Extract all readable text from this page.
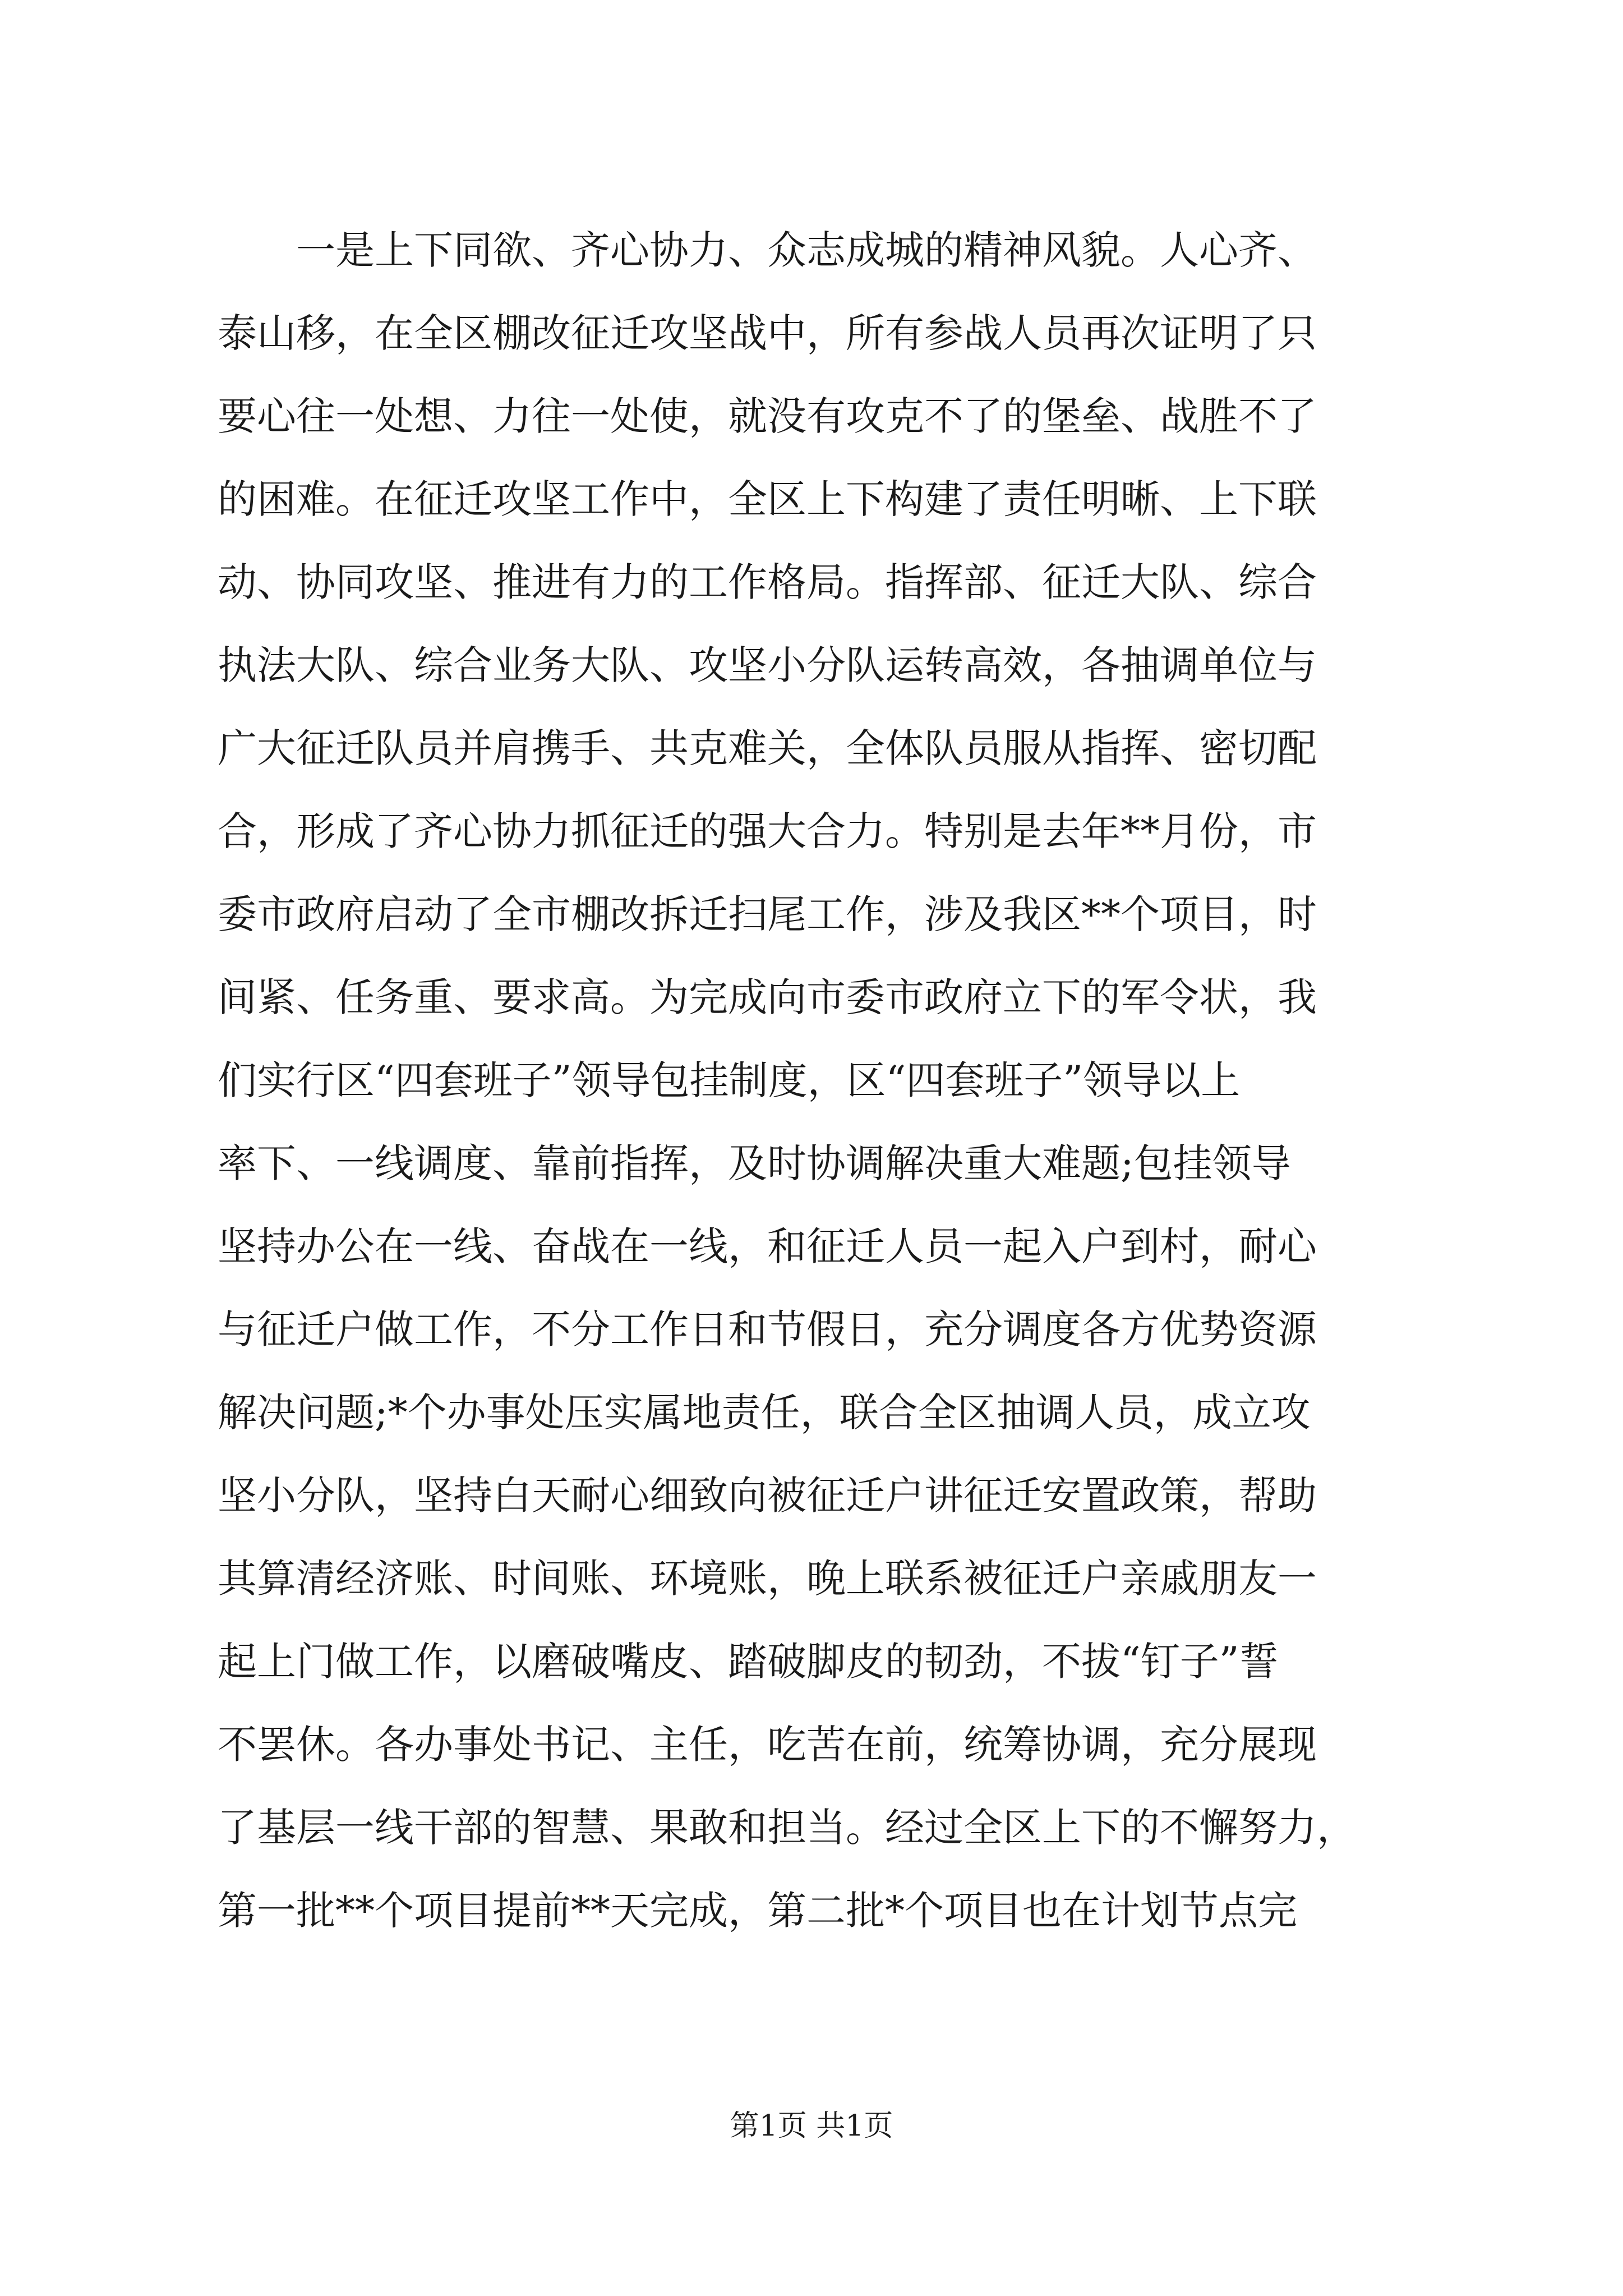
　　一是上下同欲、齐心协力、众志成城的精神风貌。人心齐、
泰山移，在全区棚改征迁攻坚战中，所有参战人员再次证明了只
要心往一处想、力往一处使，就没有攻克不了的堡垒、战胜不了
的困难。在征迁攻坚工作中，全区上下构建了责任明晰、上下联
动、协同攻坚、推进有力的工作格局。指挥部、征迁大队、综合
执法大队、综合业务大队、攻坚小分队运转高效，各抽调单位与
广大征迁队员并肩携手、共克难关，全体队员服从指挥、密切配
合，形成了齐心协力抓征迁的强大合力。特别是去年**月份，市
委市政府启动了全市棚改拆迁扫尾工作，涉及我区**个项目，时
间紧、任务重、要求高。为完成向市委市政府立下的军令状，我
们实行区“四套班子”领导包挂制度，区“四套班子”领导以上
率下、一线调度、靠前指挥，及时协调解决重大难题;包挂领导
坚持办公在一线、奋战在一线，和征迁人员一起入户到村，耐心
与征迁户做工作，不分工作日和节假日，充分调度各方优势资源
解决问题;*个办事处压实属地责任，联合全区抽调人员，成立攻
坚小分队，坚持白天耐心细致向被征迁户讲征迁安置政策，帮助
其算清经济账、时间账、环境账，晚上联系被征迁户亲戚朋友一
起上门做工作，以磨破嘴皮、踏破脚皮的韧劲，不拔“钉子”誓
不罢休。各办事处书记、主任，吃苦在前，统筹协调，充分展现
了基层一线干部的智慧、果敢和担当。经过全区上下的不懈努力，
第一批**个项目提前**天完成，第二批*个项目也在计划节点完
第1页 共1页
